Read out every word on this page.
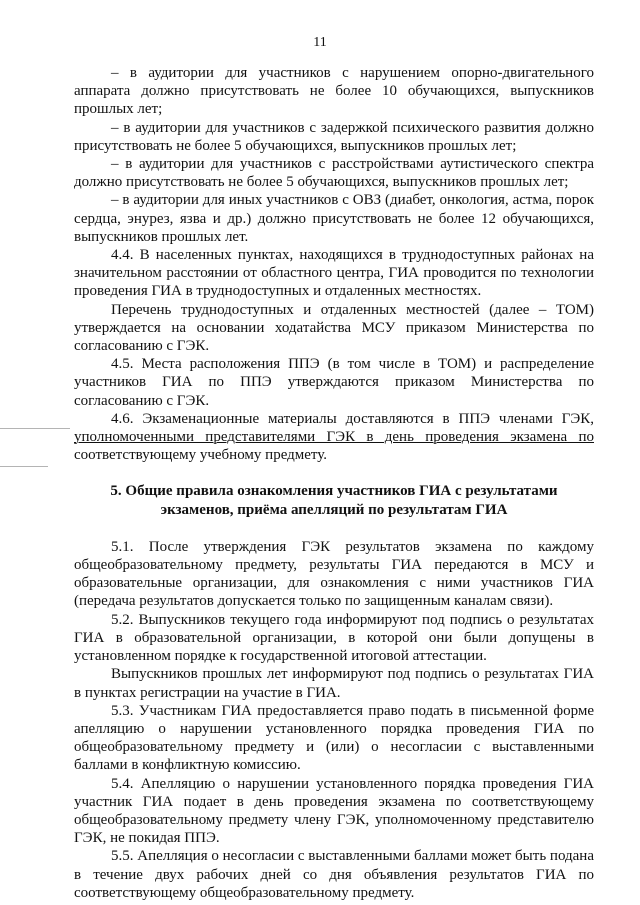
11

– в аудитории для участников с нарушением опорно-двигательного аппарата должно присутствовать не более 10 обучающихся, выпускников прошлых лет;

– в аудитории для участников с задержкой психического развития должно присутствовать не более 5 обучающихся, выпускников прошлых лет;

– в аудитории для участников с расстройствами аутистического спектра должно присутствовать не более 5 обучающихся, выпускников прошлых лет;

– в аудитории для иных участников с ОВЗ (диабет, онкология, астма, порок сердца, энурез, язва и др.) должно присутствовать не более 12 обучающихся, выпускников прошлых лет.

4.4. В населенных пунктах, находящихся в труднодоступных районах на значительном расстоянии от областного центра, ГИА проводится по технологии проведения ГИА в труднодоступных и отдаленных местностях.

Перечень труднодоступных и отдаленных местностей (далее – ТОМ) утверждается на основании ходатайства МСУ приказом Министерства по согласованию с ГЭК.

4.5. Места расположения ППЭ (в том числе в ТОМ) и распределение участников ГИА по ППЭ утверждаются приказом Министерства по согласованию с ГЭК.

4.6. Экзаменационные материалы доставляются в ППЭ членами ГЭК, уполномоченными представителями ГЭК в день проведения экзамена по соответствующему учебному предмету.

5. Общие правила ознакомления участников ГИА с результатами экзаменов, приёма апелляций по результатам ГИА

5.1. После утверждения ГЭК результатов экзамена по каждому общеобразовательному предмету, результаты ГИА передаются в МСУ и образовательные организации, для ознакомления с ними участников ГИА (передача результатов допускается только по защищенным каналам связи).

5.2. Выпускников текущего года информируют под подпись о результатах ГИА в образовательной организации, в которой они были допущены в установленном порядке к государственной итоговой аттестации.

Выпускников прошлых лет информируют под подпись о результатах ГИА в пунктах регистрации на участие в ГИА.

5.3. Участникам ГИА предоставляется право подать в письменной форме апелляцию о нарушении установленного порядка проведения ГИА по общеобразовательному предмету и (или) о несогласии с выставленными баллами в конфликтную комиссию.

5.4. Апелляцию о нарушении установленного порядка проведения ГИА участник ГИА подает в день проведения экзамена по соответствующему общеобразовательному предмету члену ГЭК, уполномоченному представителю ГЭК, не покидая ППЭ.

5.5. Апелляция о несогласии с выставленными баллами может быть подана в течение двух рабочих дней со дня объявления результатов ГИА по соответствующему общеобразовательному предмету.
